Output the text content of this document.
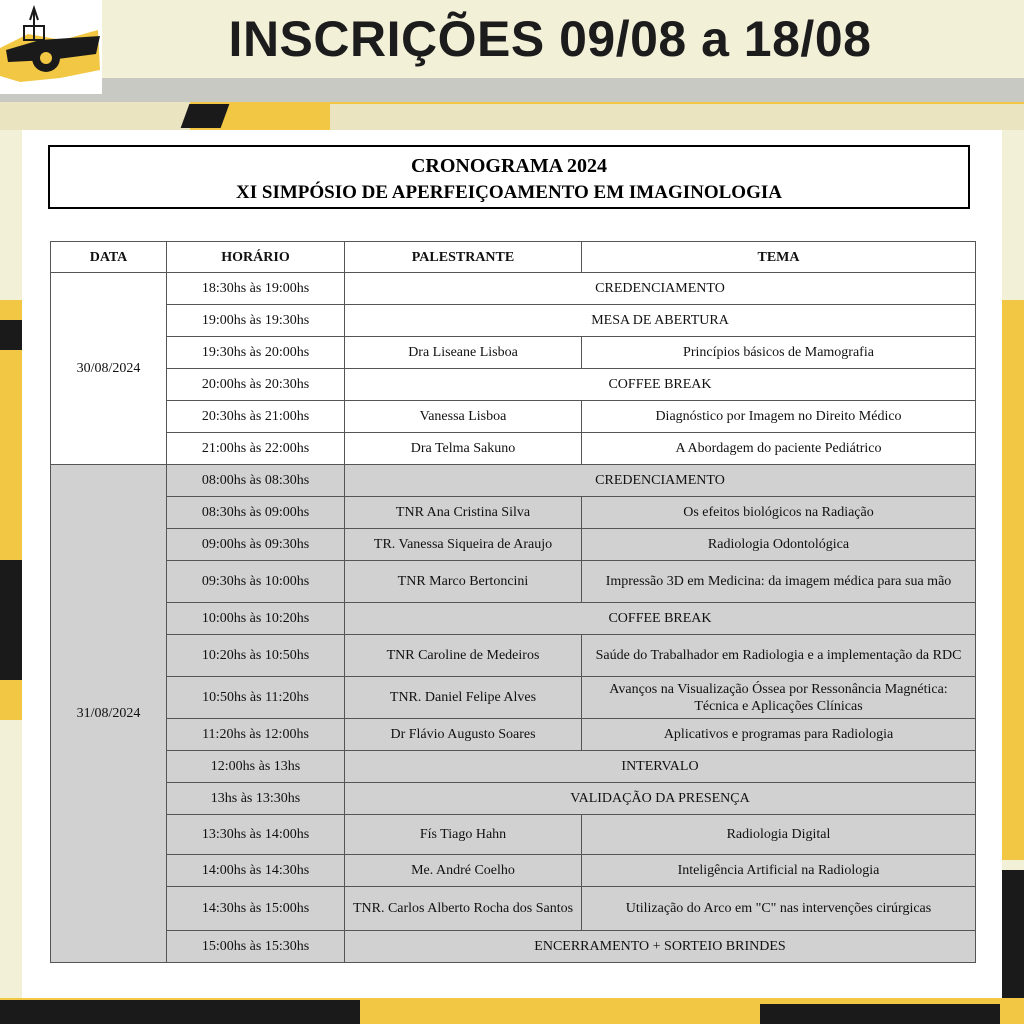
INSCRIÇÕES 09/08 a 18/08
CRONOGRAMA 2024
XI SIMPÓSIO DE APERFEIÇOAMENTO EM IMAGINOLOGIA
DATA	HORÁRIO	PALESTRANTE	TEMA
30/08/2024	18:30hs às 19:00hs	CREDENCIAMENTO	
	19:00hs às 19:30hs	MESA DE ABERTURA	
	19:30hs às 20:00hs	Dra Liseane Lisboa	Princípios básicos de Mamografia
	20:00hs às 20:30hs	COFFEE BREAK	
	20:30hs às 21:00hs	Vanessa Lisboa	Diagnóstico por Imagem no Direito Médico
	21:00hs às 22:00hs	Dra Telma Sakuno	A Abordagem do paciente Pediátrico
31/08/2024	08:00hs às 08:30hs	CREDENCIAMENTO	
	08:30hs às 09:00hs	TNR Ana Cristina Silva	Os efeitos biológicos na Radiação
	09:00hs às 09:30hs	TR. Vanessa Siqueira de Araujo	Radiologia Odontológica
	09:30hs às 10:00hs	TNR Marco Bertoncini	Impressão 3D em Medicina: da imagem médica para sua mão
	10:00hs às 10:20hs	COFFEE BREAK	
	10:20hs às 10:50hs	TNR Caroline de Medeiros	Saúde do Trabalhador em Radiologia e a implementação da RDC
	10:50hs às 11:20hs	TNR. Daniel Felipe Alves	Avanços na Visualização Óssea por Ressonância Magnética: Técnica e Aplicações Clínicas
	11:20hs às 12:00hs	Dr Flávio Augusto Soares	Aplicativos e programas para Radiologia
	12:00hs às 13hs	INTERVALO	
	13hs às 13:30hs	VALIDAÇÃO DA PRESENÇA	
	13:30hs às 14:00hs	Fís Tiago Hahn	Radiologia Digital
	14:00hs às 14:30hs	Me. André Coelho	Inteligência Artificial na Radiologia
	14:30hs às 15:00hs	TNR. Carlos Alberto Rocha dos Santos	Utilização do Arco em "C" nas intervenções cirúrgicas
	15:00hs às 15:30hs	ENCERRAMENTO + SORTEIO BRINDES	
